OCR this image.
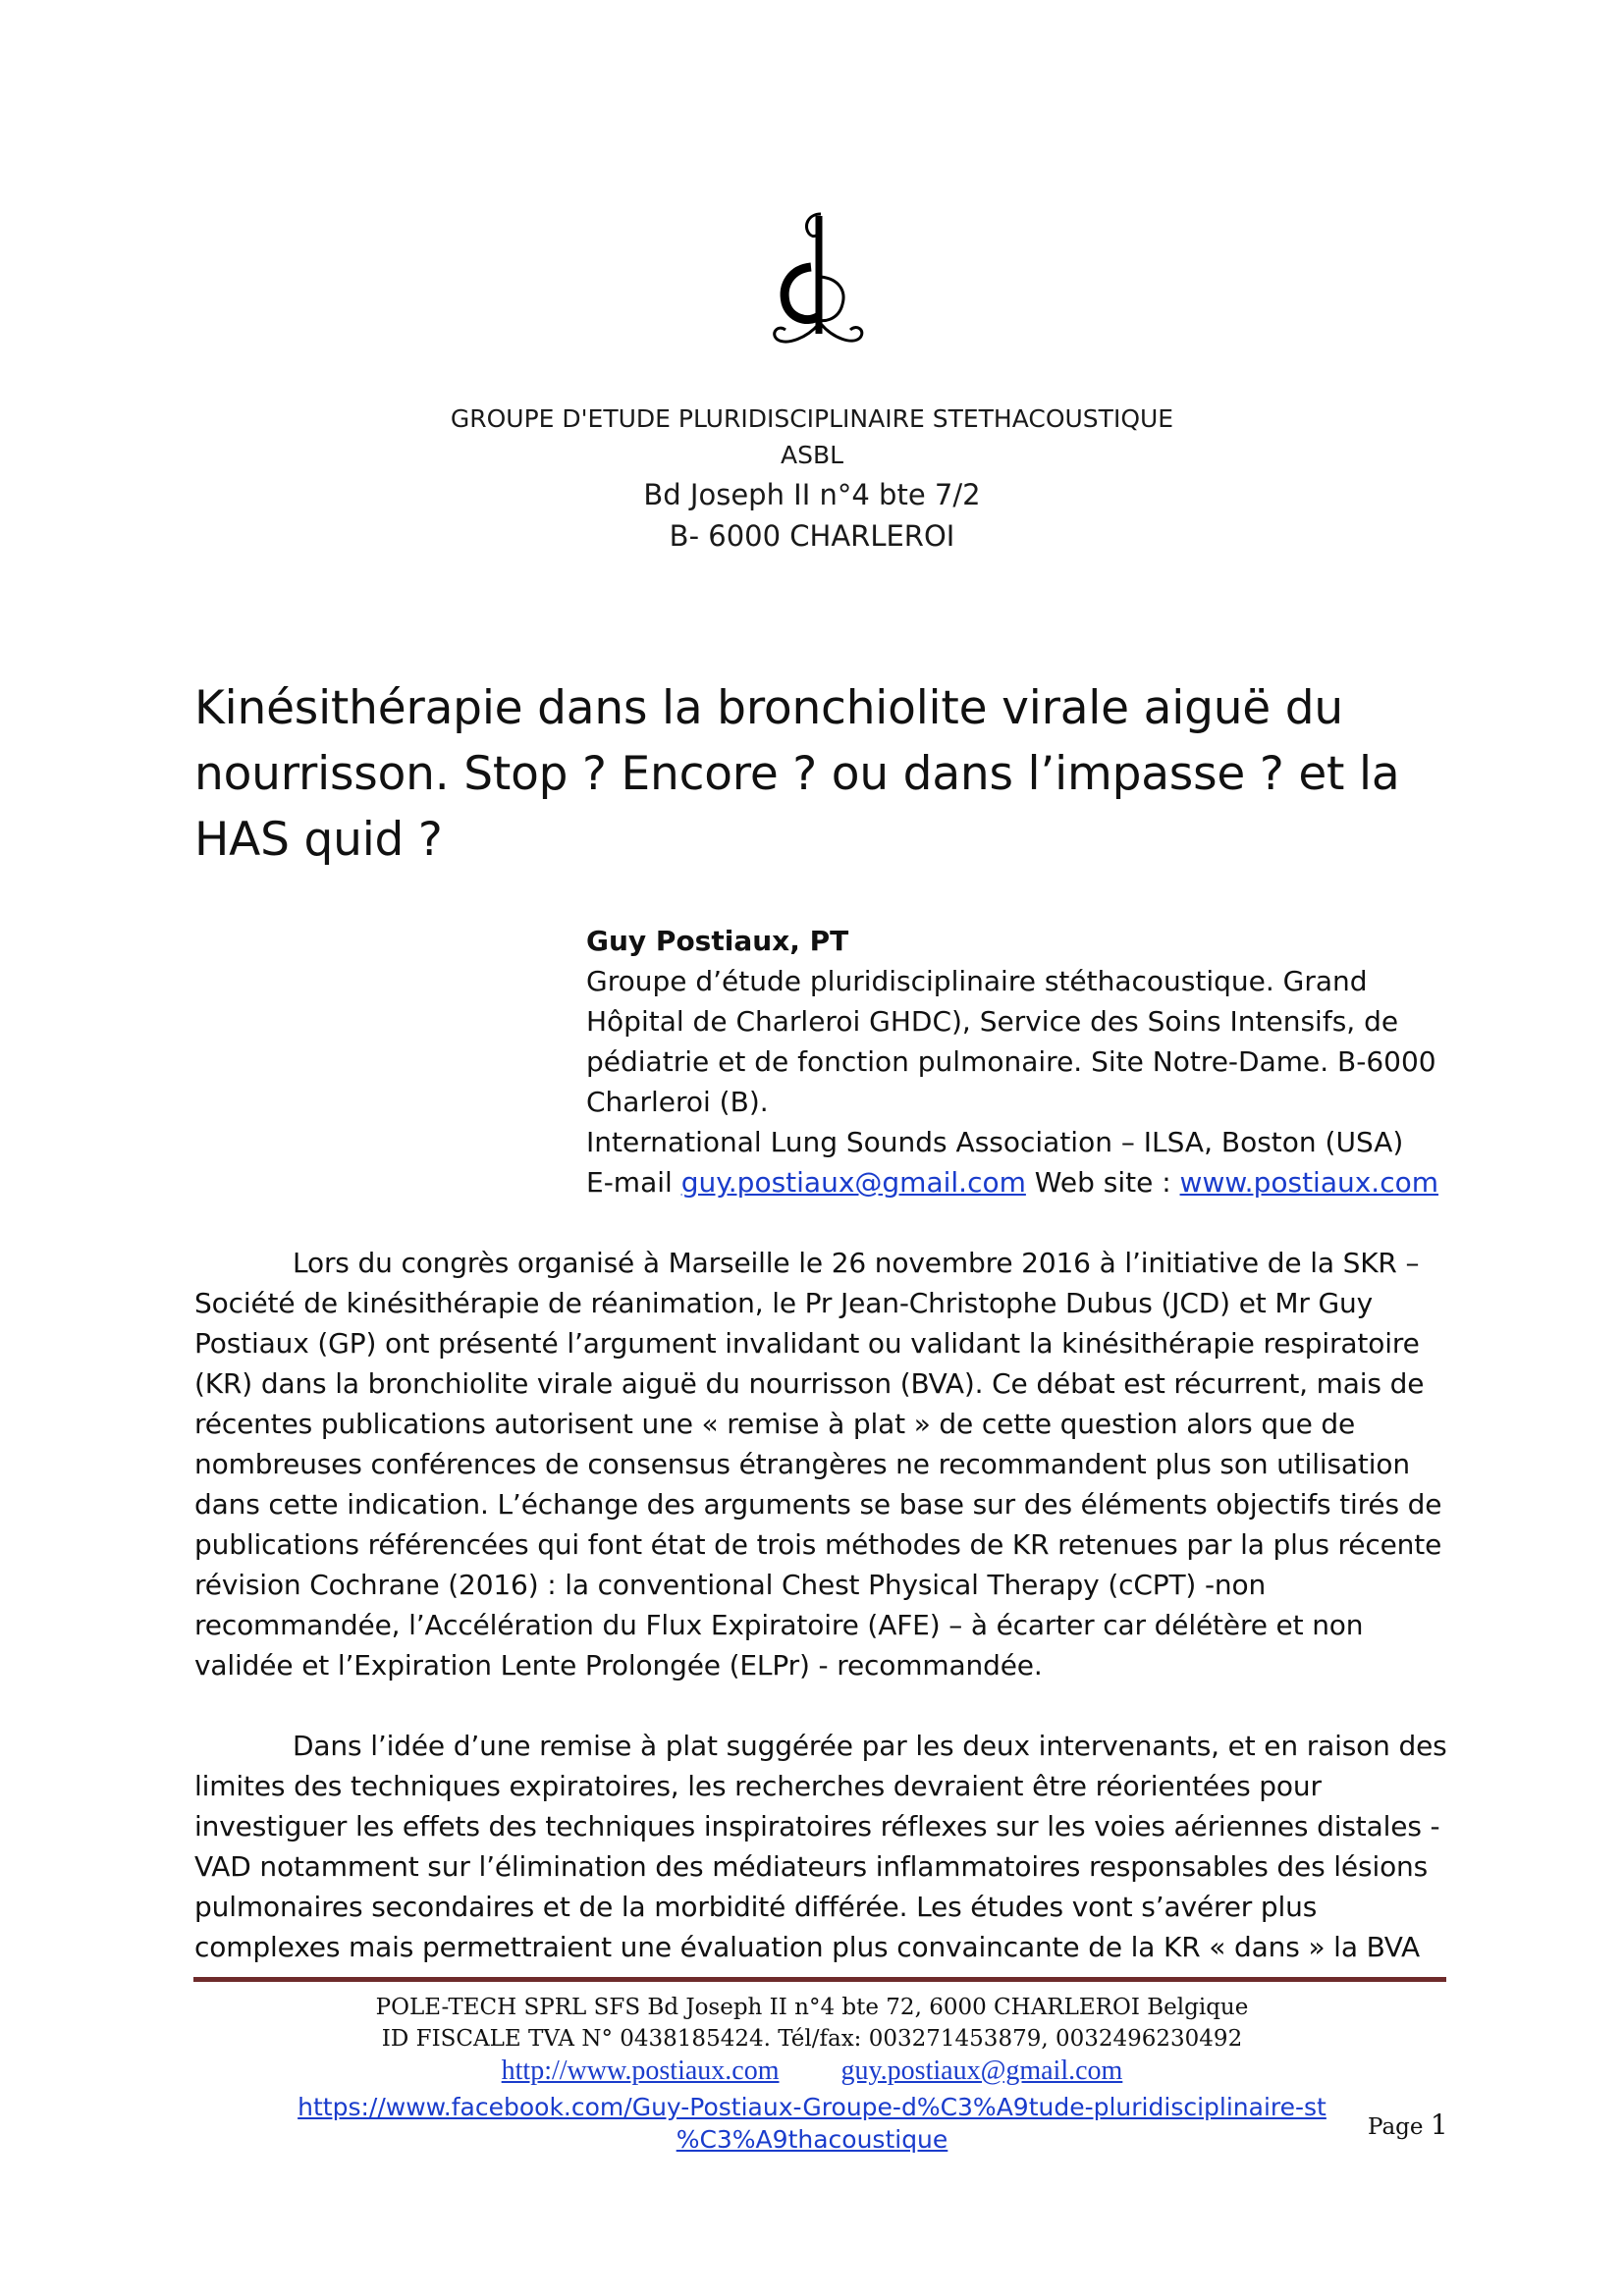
GROUPE D'ETUDE PLURIDISCIPLINAIRE STETHACOUSTIQUE
ASBL
Bd Joseph II n°4 bte 7/2
B- 6000 CHARLEROI
Kinésithérapie dans la bronchiolite virale aiguë du
nourrisson. Stop ? Encore ? ou dans l’impasse ? et la
HAS quid ?
Guy Postiaux, PT
Groupe d’étude pluridisciplinaire stéthacoustique. Grand
Hôpital de Charleroi GHDC), Service des Soins Intensifs, de
pédiatrie et de fonction pulmonaire. Site Notre-Dame. B-6000
Charleroi (B).
International Lung Sounds Association – ILSA, Boston (USA)
E-mail guy.postiaux@gmail.com Web site : www.postiaux.com
Lors du congrès organisé à Marseille le 26 novembre 2016 à l’initiative de la SKR –
Société de kinésithérapie de réanimation, le Pr Jean-Christophe Dubus (JCD) et Mr Guy
Postiaux (GP) ont présenté l’argument invalidant ou validant la kinésithérapie respiratoire
(KR) dans la bronchiolite virale aiguë du nourrisson (BVA). Ce débat est récurrent, mais de
récentes publications autorisent une « remise à plat » de cette question alors que de
nombreuses conférences de consensus étrangères ne recommandent plus son utilisation
dans cette indication. L’échange des arguments se base sur des éléments objectifs tirés de
publications référencées qui font état de trois méthodes de KR retenues par la plus récente
révision Cochrane (2016) : la conventional Chest Physical Therapy (cCPT) -non
recommandée, l’Accélération du Flux Expiratoire (AFE) – à écarter car délétère et non
validée et l’Expiration Lente Prolongée (ELPr) - recommandée.
Dans l’idée d’une remise à plat suggérée par les deux intervenants, et en raison des
limites des techniques expiratoires, les recherches devraient être réorientées pour
investiguer les effets des techniques inspiratoires réflexes sur les voies aériennes distales -
VAD notamment sur l’élimination des médiateurs inflammatoires responsables des lésions
pulmonaires secondaires et de la morbidité différée. Les études vont s’avérer plus
complexes mais permettraient une évaluation plus convaincante de la KR « dans » la BVA
POLE-TECH SPRL SFS Bd Joseph II n°4 bte 72, 6000 CHARLEROI Belgique
ID FISCALE TVA N° 0438185424. Tél/fax: 003271453879, 0032496230492
http://www.postiaux.com guy.postiaux@gmail.com
https://www.facebook.com/Guy-Postiaux-Groupe-d%C3%A9tude-pluridisciplinaire-st
%C3%A9thacoustique	Page 1
